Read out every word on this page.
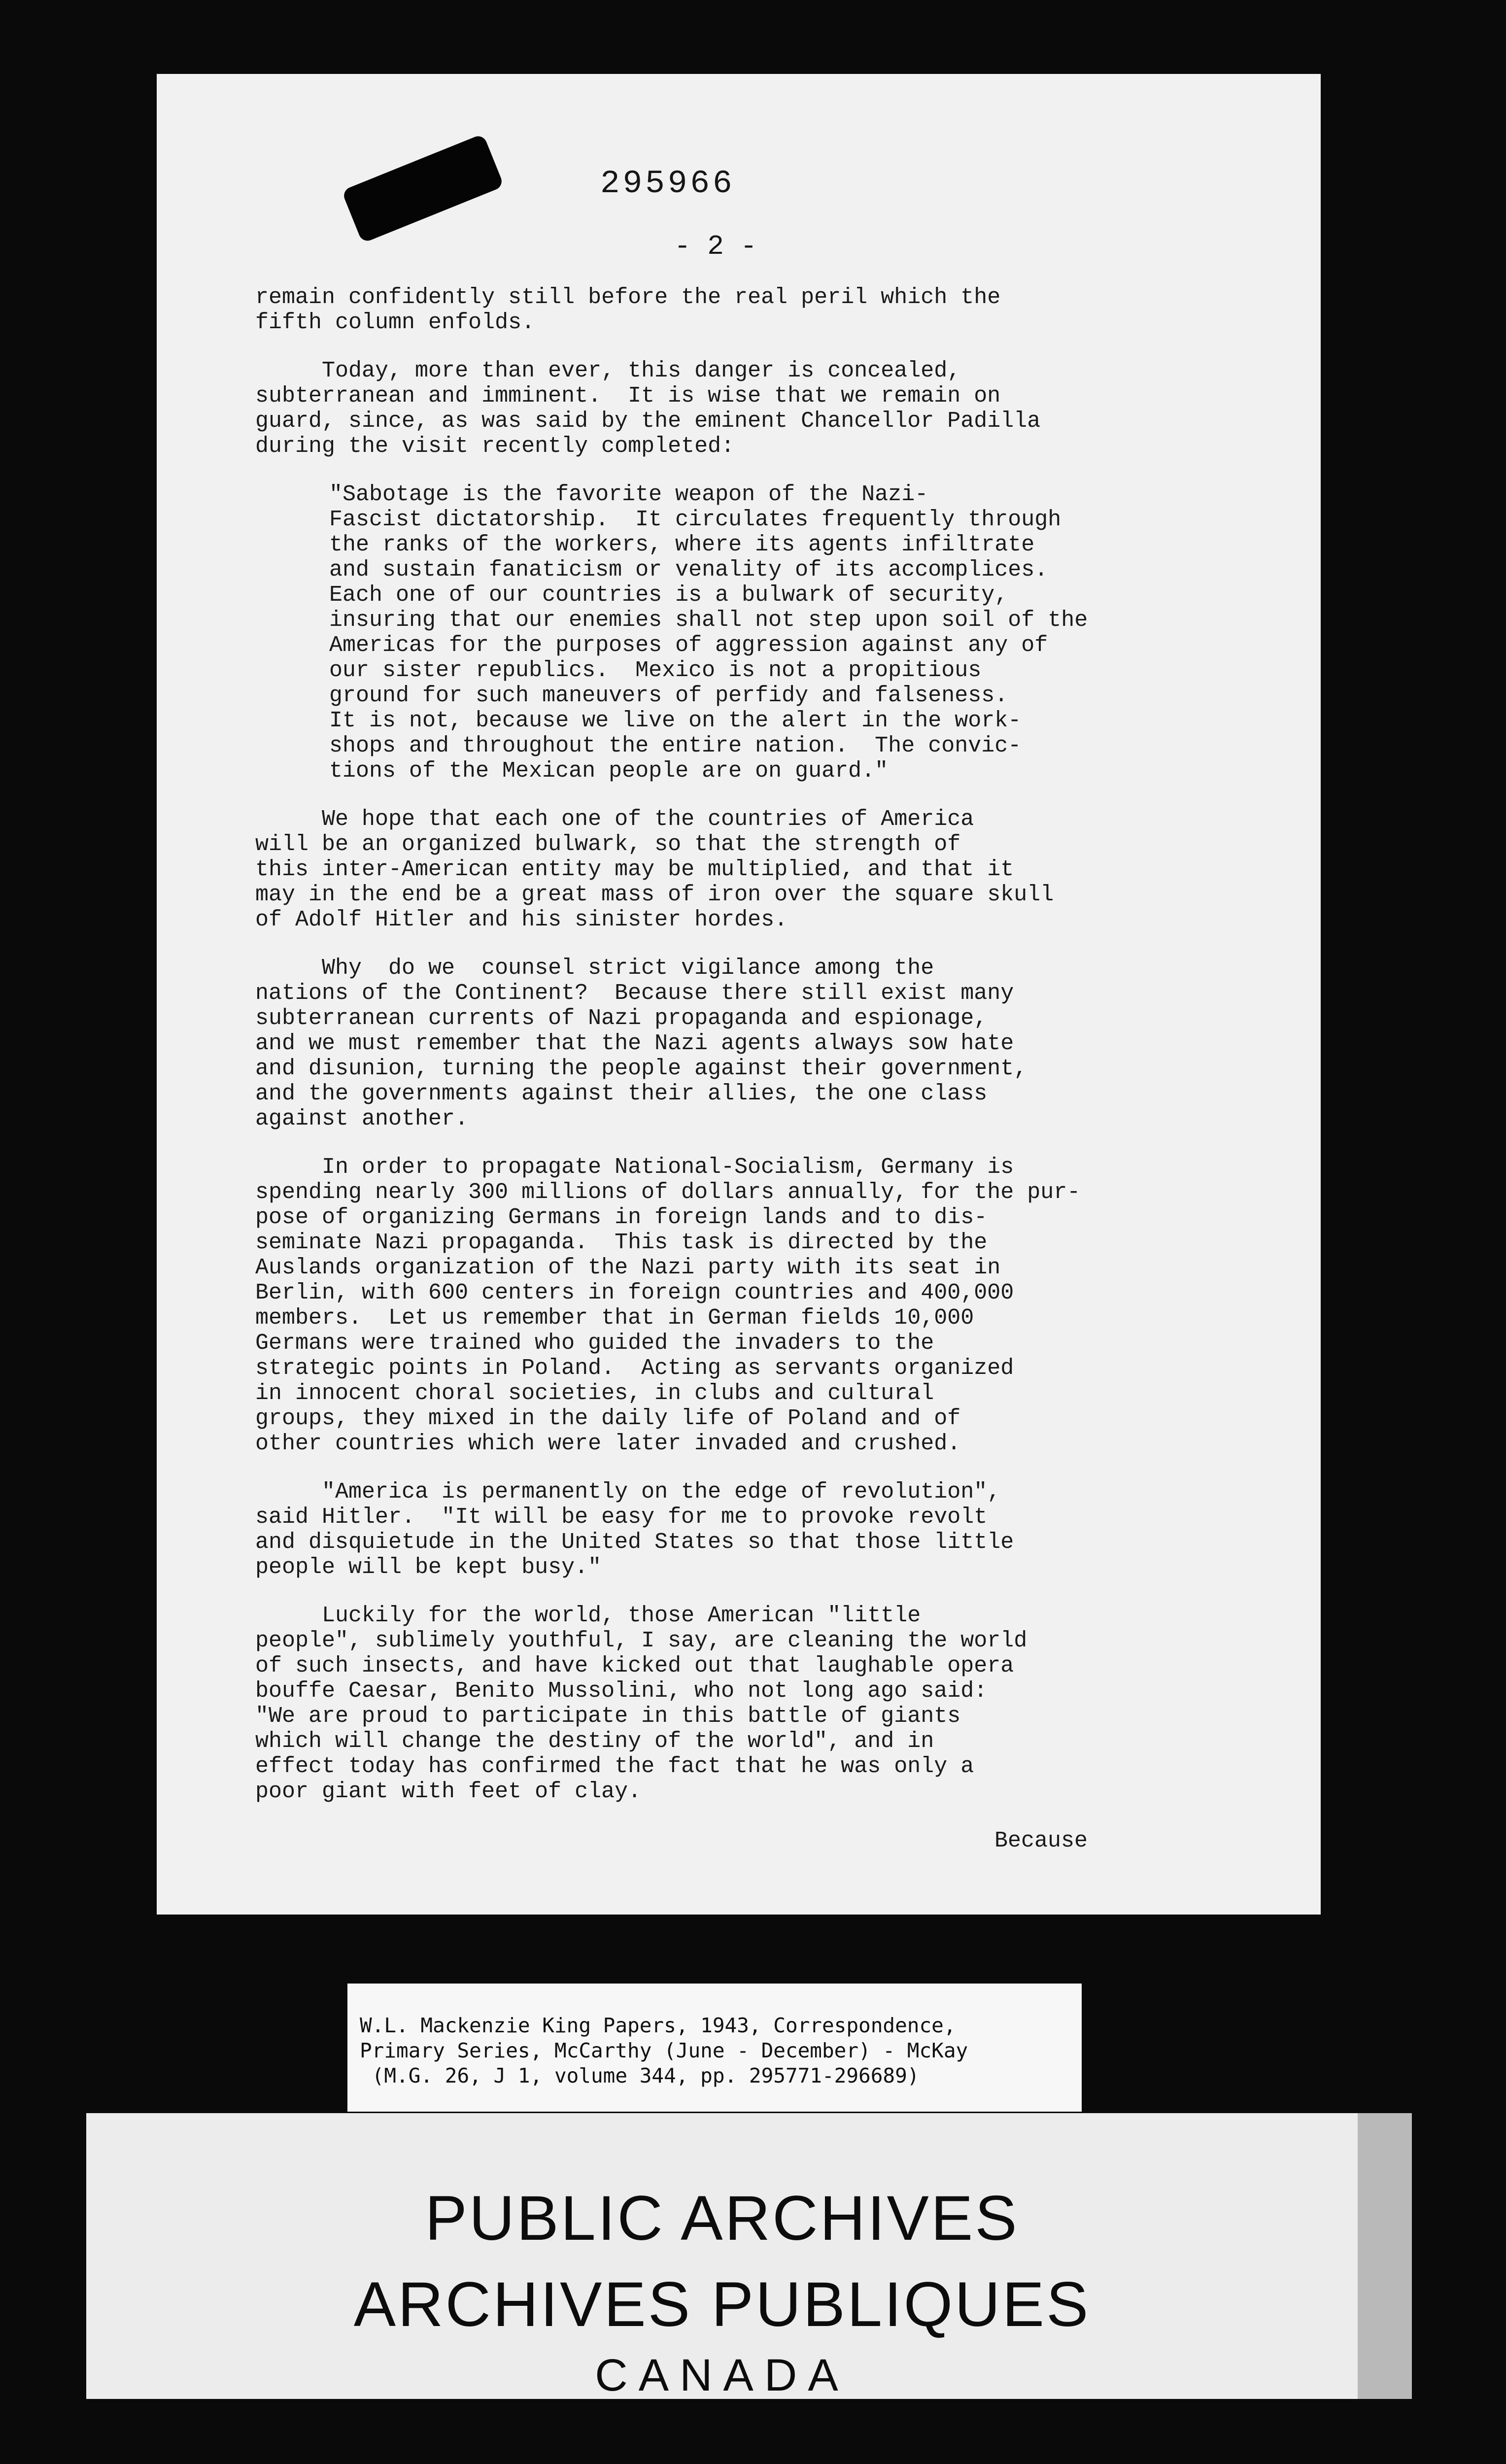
295966
- 2 -

remain confidently still before the real peril which the
fifth column enfolds.

Today, more than ever, this danger is concealed,
subterranean and imminent.  It is wise that we remain on
guard, since, as was said by the eminent Chancellor Padilla
during the visit recently completed:

"Sabotage is the favorite weapon of the Nazi-
Fascist dictatorship.  It circulates frequently through
the ranks of the workers, where its agents infiltrate
and sustain fanaticism or venality of its accomplices.
Each one of our countries is a bulwark of security,
insuring that our enemies shall not step upon soil of the
Americas for the purposes of aggression against any of
our sister republics.  Mexico is not a propitious
ground for such maneuvers of perfidy and falseness.
It is not, because we live on the alert in the work-
shops and throughout the entire nation.  The convic-
tions of the Mexican people are on guard."

We hope that each one of the countries of America
will be an organized bulwark, so that the strength of
this inter-American entity may be multiplied, and that it
may in the end be a great mass of iron over the square skull
of Adolf Hitler and his sinister hordes.

Why  do we  counsel strict vigilance among the
nations of the Continent?  Because there still exist many
subterranean currents of Nazi propaganda and espionage,
and we must remember that the Nazi agents always sow hate
and disunion, turning the people against their government,
and the governments against their allies, the one class
against another.

In order to propagate National-Socialism, Germany is
spending nearly 300 millions of dollars annually, for the pur-
pose of organizing Germans in foreign lands and to dis-
seminate Nazi propaganda.  This task is directed by the
Auslands organization of the Nazi party with its seat in
Berlin, with 600 centers in foreign countries and 400,000
members.  Let us remember that in German fields 10,000
Germans were trained who guided the invaders to the
strategic points in Poland.  Acting as servants organized
in innocent choral societies, in clubs and cultural
groups, they mixed in the daily life of Poland and of
other countries which were later invaded and crushed.

"America is permanently on the edge of revolution",
said Hitler.  "It will be easy for me to provoke revolt
and disquietude in the United States so that those little
people will be kept busy."

Luckily for the world, those American "little
people", sublimely youthful, I say, are cleaning the world
of such insects, and have kicked out that laughable opera
bouffe Caesar, Benito Mussolini, who not long ago said:
"We are proud to participate in this battle of giants
which will change the destiny of the world", and in
effect today has confirmed the fact that he was only a
poor giant with feet of clay.

Because
W.L. Mackenzie King Papers, 1943, Correspondence,
Primary Series, McCarthy (June - December) - McKay
(M.G. 26, J 1, volume 344, pp. 295771-296689)
PUBLIC ARCHIVES
ARCHIVES PUBLIQUES
CANADA
